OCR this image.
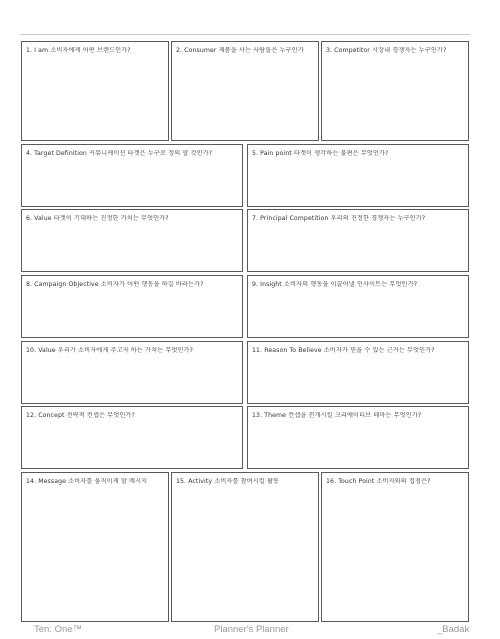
1. I am 소비자에게 어떤 브랜드인가?	2. Consumer 제품을 사는 사람들은 누구인가	3. Competitor 시장내 경쟁자는 누구인가?
4. Target Definition 커뮤니케이션 타겟은 누구로 정의 할 것인가?	5. Pain point 타겟이 생각하는 불편은 무엇인가?
6. Value 타겟이 기대하는 진정한 가치는 무엇인가?	7. Principal Competition 우리의 진정한 경쟁자는 누구인가?
8. Campaign Objective 소비자가 어떤 행동을 하길 바라는가?	9. Insight 소비자의 행동을 이끌어낼 인사이트는 무엇인가?
10. Value 우리가 소비자에게 주고자 하는 가치는 무엇인가?	11. Reason To Believe 소비자가 믿을 수 있는 근거는 무엇인가?
12. Concept 전략적 컨셉은 무엇인가?	13. Theme 컨셉을 전개시킬 크리에이티브 테마는 무엇인가?
14. Message 소비자를 움직이게 할 메시지	15. Activity 소비자를 참여시킬 활동	16. Touch Point 소비자와의 접점은?
Ten: One™	Planner's Planner	_Badak
